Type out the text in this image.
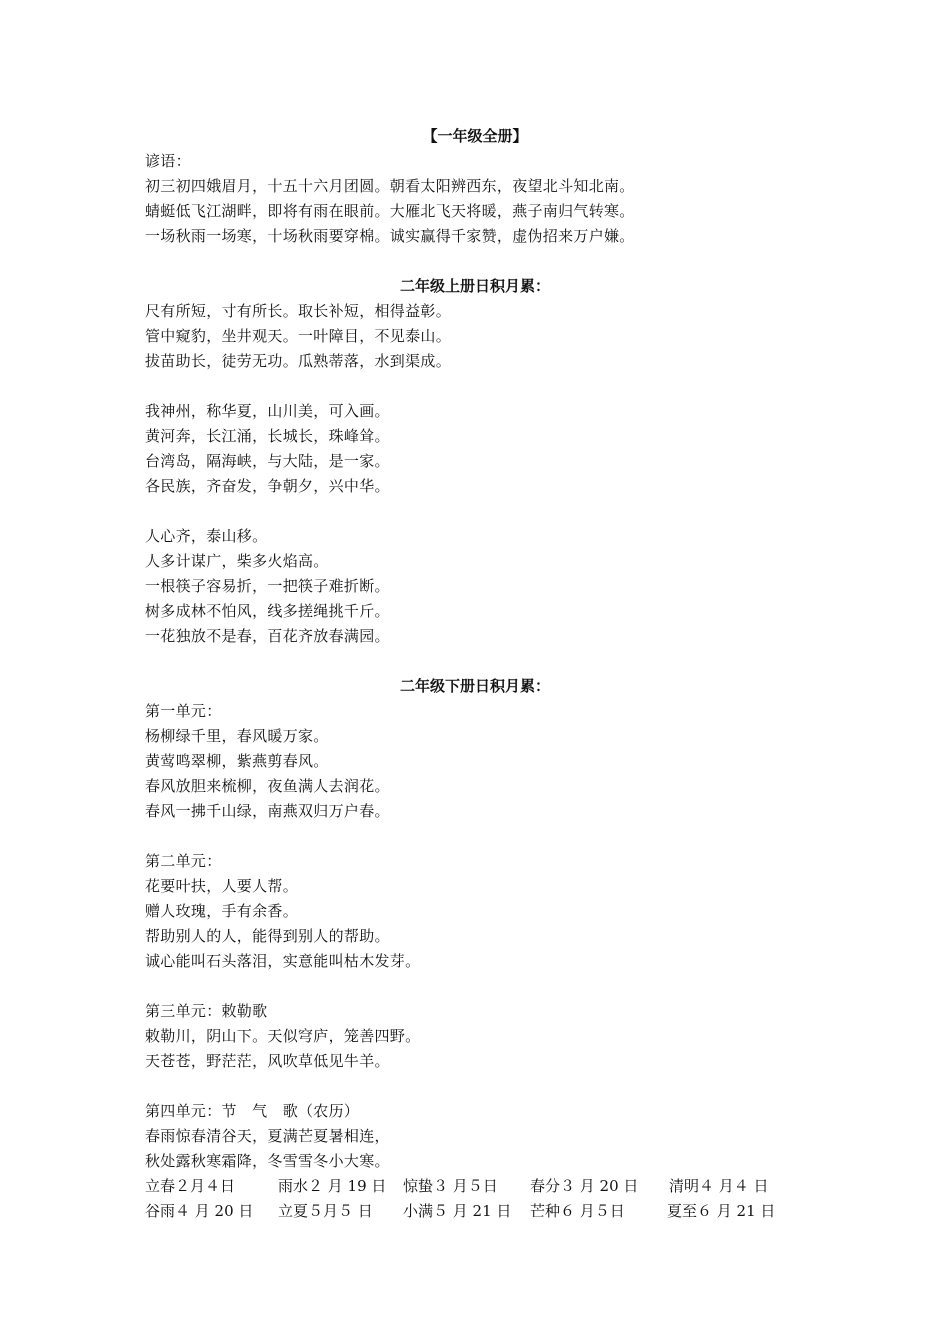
【一年级全册】
谚语：
初三初四娥眉月，十五十六月团圆。朝看太阳辨西东，夜望北斗知北南。
蜻蜓低飞江湖畔，即将有雨在眼前。大雁北飞天将暖，燕子南归气转寒。
一场秋雨一场寒，十场秋雨要穿棉。诚实赢得千家赞，虚伪招来万户嫌。
二年级上册日积月累：
尺有所短，寸有所长。取长补短，相得益彰。
管中窥豹，坐井观天。一叶障目，不见泰山。
拔苗助长，徒劳无功。瓜熟蒂落，水到渠成。
我神州，称华夏，山川美，可入画。
黄河奔，长江涌，长城长，珠峰耸。
台湾岛，隔海峡，与大陆，是一家。
各民族，齐奋发，争朝夕，兴中华。
人心齐，泰山移。
人多计谋广，柴多火焰高。
一根筷子容易折，一把筷子难折断。
树多成林不怕风，线多搓绳挑千斤。
一花独放不是春，百花齐放春满园。
二年级下册日积月累：
第一单元：
杨柳绿千里，春风暖万家。
黄莺鸣翠柳，紫燕剪春风。
春风放胆来梳柳，夜鱼满人去润花。
春风一拂千山绿，南燕双归万户春。
第二单元：
花要叶扶，人要人帮。
赠人玫瑰，手有余香。
帮助别人的人，能得到别人的帮助。
诚心能叫石头落泪，实意能叫枯木发芽。
第三单元：敕勒歌
敕勒川，阴山下。天似穹庐，笼善四野。
天苍苍，野茫茫，风吹草低见牛羊。
第四单元：节　气　歌（农历）
春雨惊春清谷天，夏满芒夏暑相连，
秋处露秋寒霜降，冬雪雪冬小大寒。
立春２月４日	雨水２ 月 19 日 惊蛰３ 月５日 春分３ 月 20 日 清明４ 月４ 日
谷雨４ 月 20 日 立夏５月５ 日 小满５ 月 21 日 芒种６ 月５日	夏至６ 月 21 日
